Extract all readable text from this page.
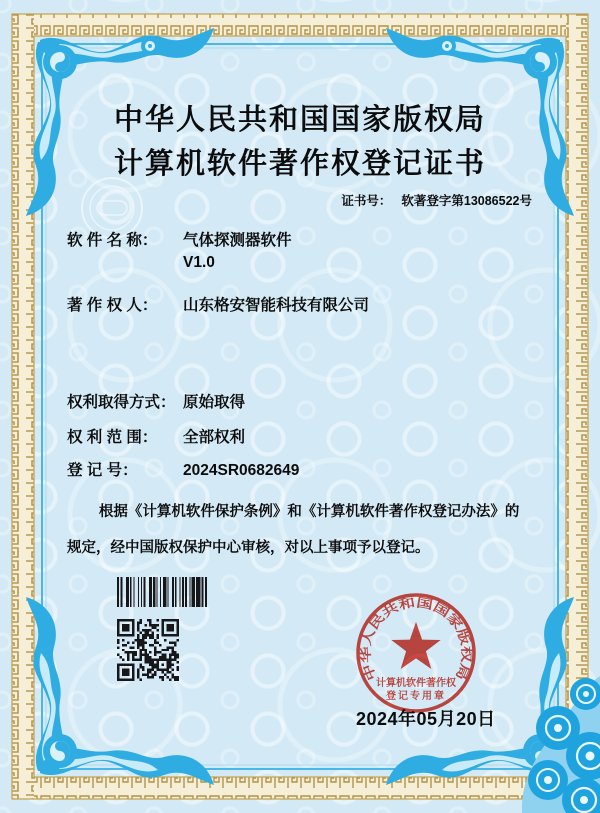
中华人民共和国国家版权局
计算机软件著作权登记证书
证书号： 软著登字第13086522号
软 件 名 称：	气体探测器软件
V1.0
著 作 权 人：	山东格安智能科技有限公司
权利取得方式： 原始取得
权 利 范 围：	全部权利
登 记 号：	2024SR0682649
根据《计算机软件保护条例》和《计算机软件著作权登记办法》的
规定，经中国版权保护中心审核，对以上事项予以登记。
中华人民共和国国家版权局
计算机软件著作权
登记专用章
2024年05月20日
